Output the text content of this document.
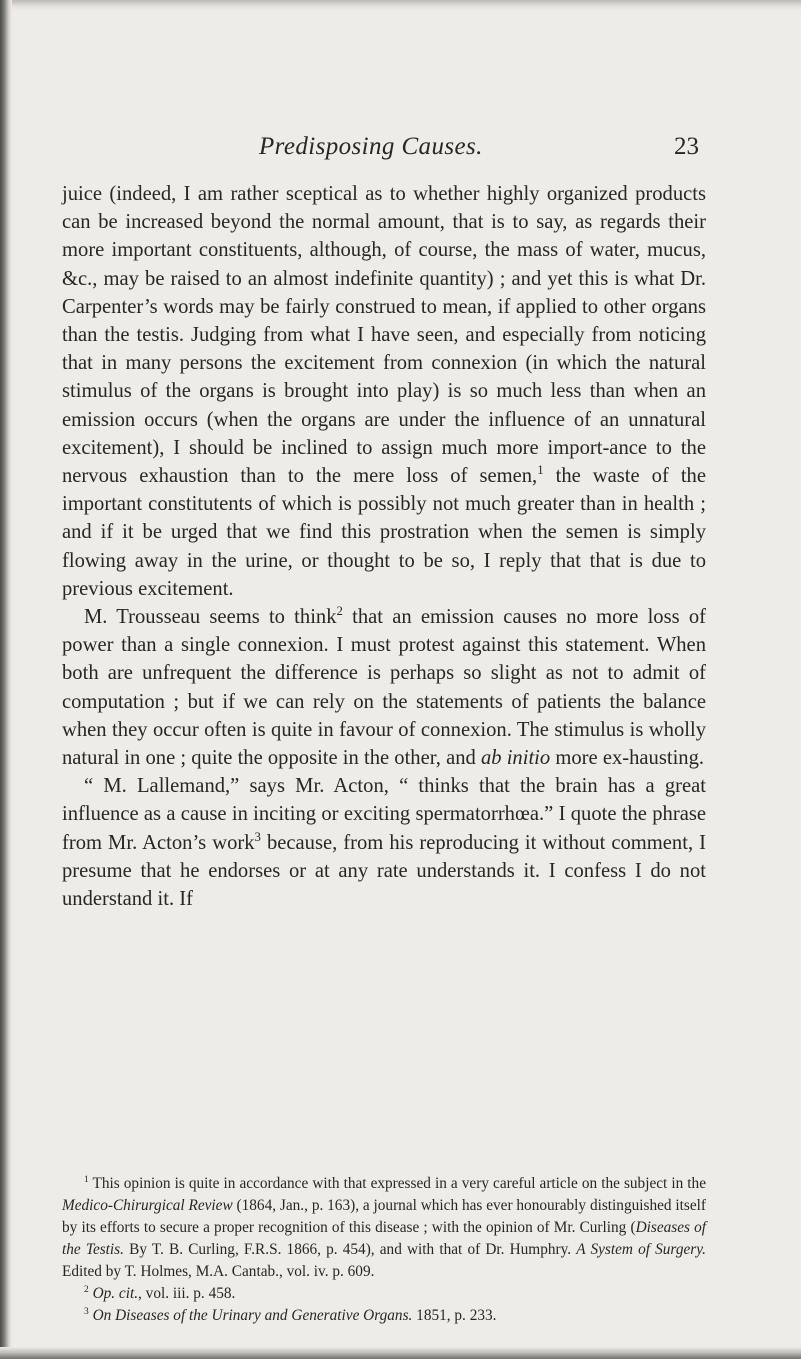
Predisposing Causes.	23

juice (indeed, I am rather sceptical as to whether highly organized products can be increased beyond the normal amount, that is to say, as regards their more important constituents, although, of course, the mass of water, mucus, &c., may be raised to an almost indefinite quantity) ; and yet this is what Dr. Carpenter’s words may be fairly construed to mean, if applied to other organs than the testis. Judging from what I have seen, and especially from noticing that in many persons the excitement from connexion (in which the natural stimulus of the organs is brought into play) is so much less than when an emission occurs (when the organs are under the influence of an unnatural excitement), I should be inclined to assign much more import-ance to the nervous exhaustion than to the mere loss of semen,$^1$ the waste of the important constitutents of which is possibly not much greater than in health ; and if it be urged that we find this prostration when the semen is simply flowing away in the urine, or thought to be so, I reply that that is due to previous excitement.

M. Trousseau seems to think$^2$ that an emission causes no more loss of power than a single connexion. I must protest against this statement. When both are unfrequent the difference is perhaps so slight as not to admit of computation ; but if we can rely on the statements of patients the balance when they occur often is quite in favour of connexion. The stimulus is wholly natural in one ; quite the opposite in the other, and ab initio more ex-hausting.

“ M. Lallemand,” says Mr. Acton, “ thinks that the brain has a great influence as a cause in inciting or exciting spermatorrhœa.” I quote the phrase from Mr. Acton’s work$^3$ because, from his reproducing it without comment, I presume that he endorses or at any rate understands it. I confess I do not understand it. If

$^1$ This opinion is quite in accordance with that expressed in a very careful article on the subject in the Medico-Chirurgical Review (1864, Jan., p. 163), a journal which has ever honourably distinguished itself by its efforts to secure a proper recognition of this disease ; with the opinion of Mr. Curling (Diseases of the Testis. By T. B. Curling, F.R.S. 1866, p. 454), and with that of Dr. Humphry. A System of Surgery. Edited by T. Holmes, M.A. Cantab., vol. iv. p. 609.

$^2$ Op. cit., vol. iii. p. 458.

$^3$ On Diseases of the Urinary and Generative Organs. 1851, p. 233.
